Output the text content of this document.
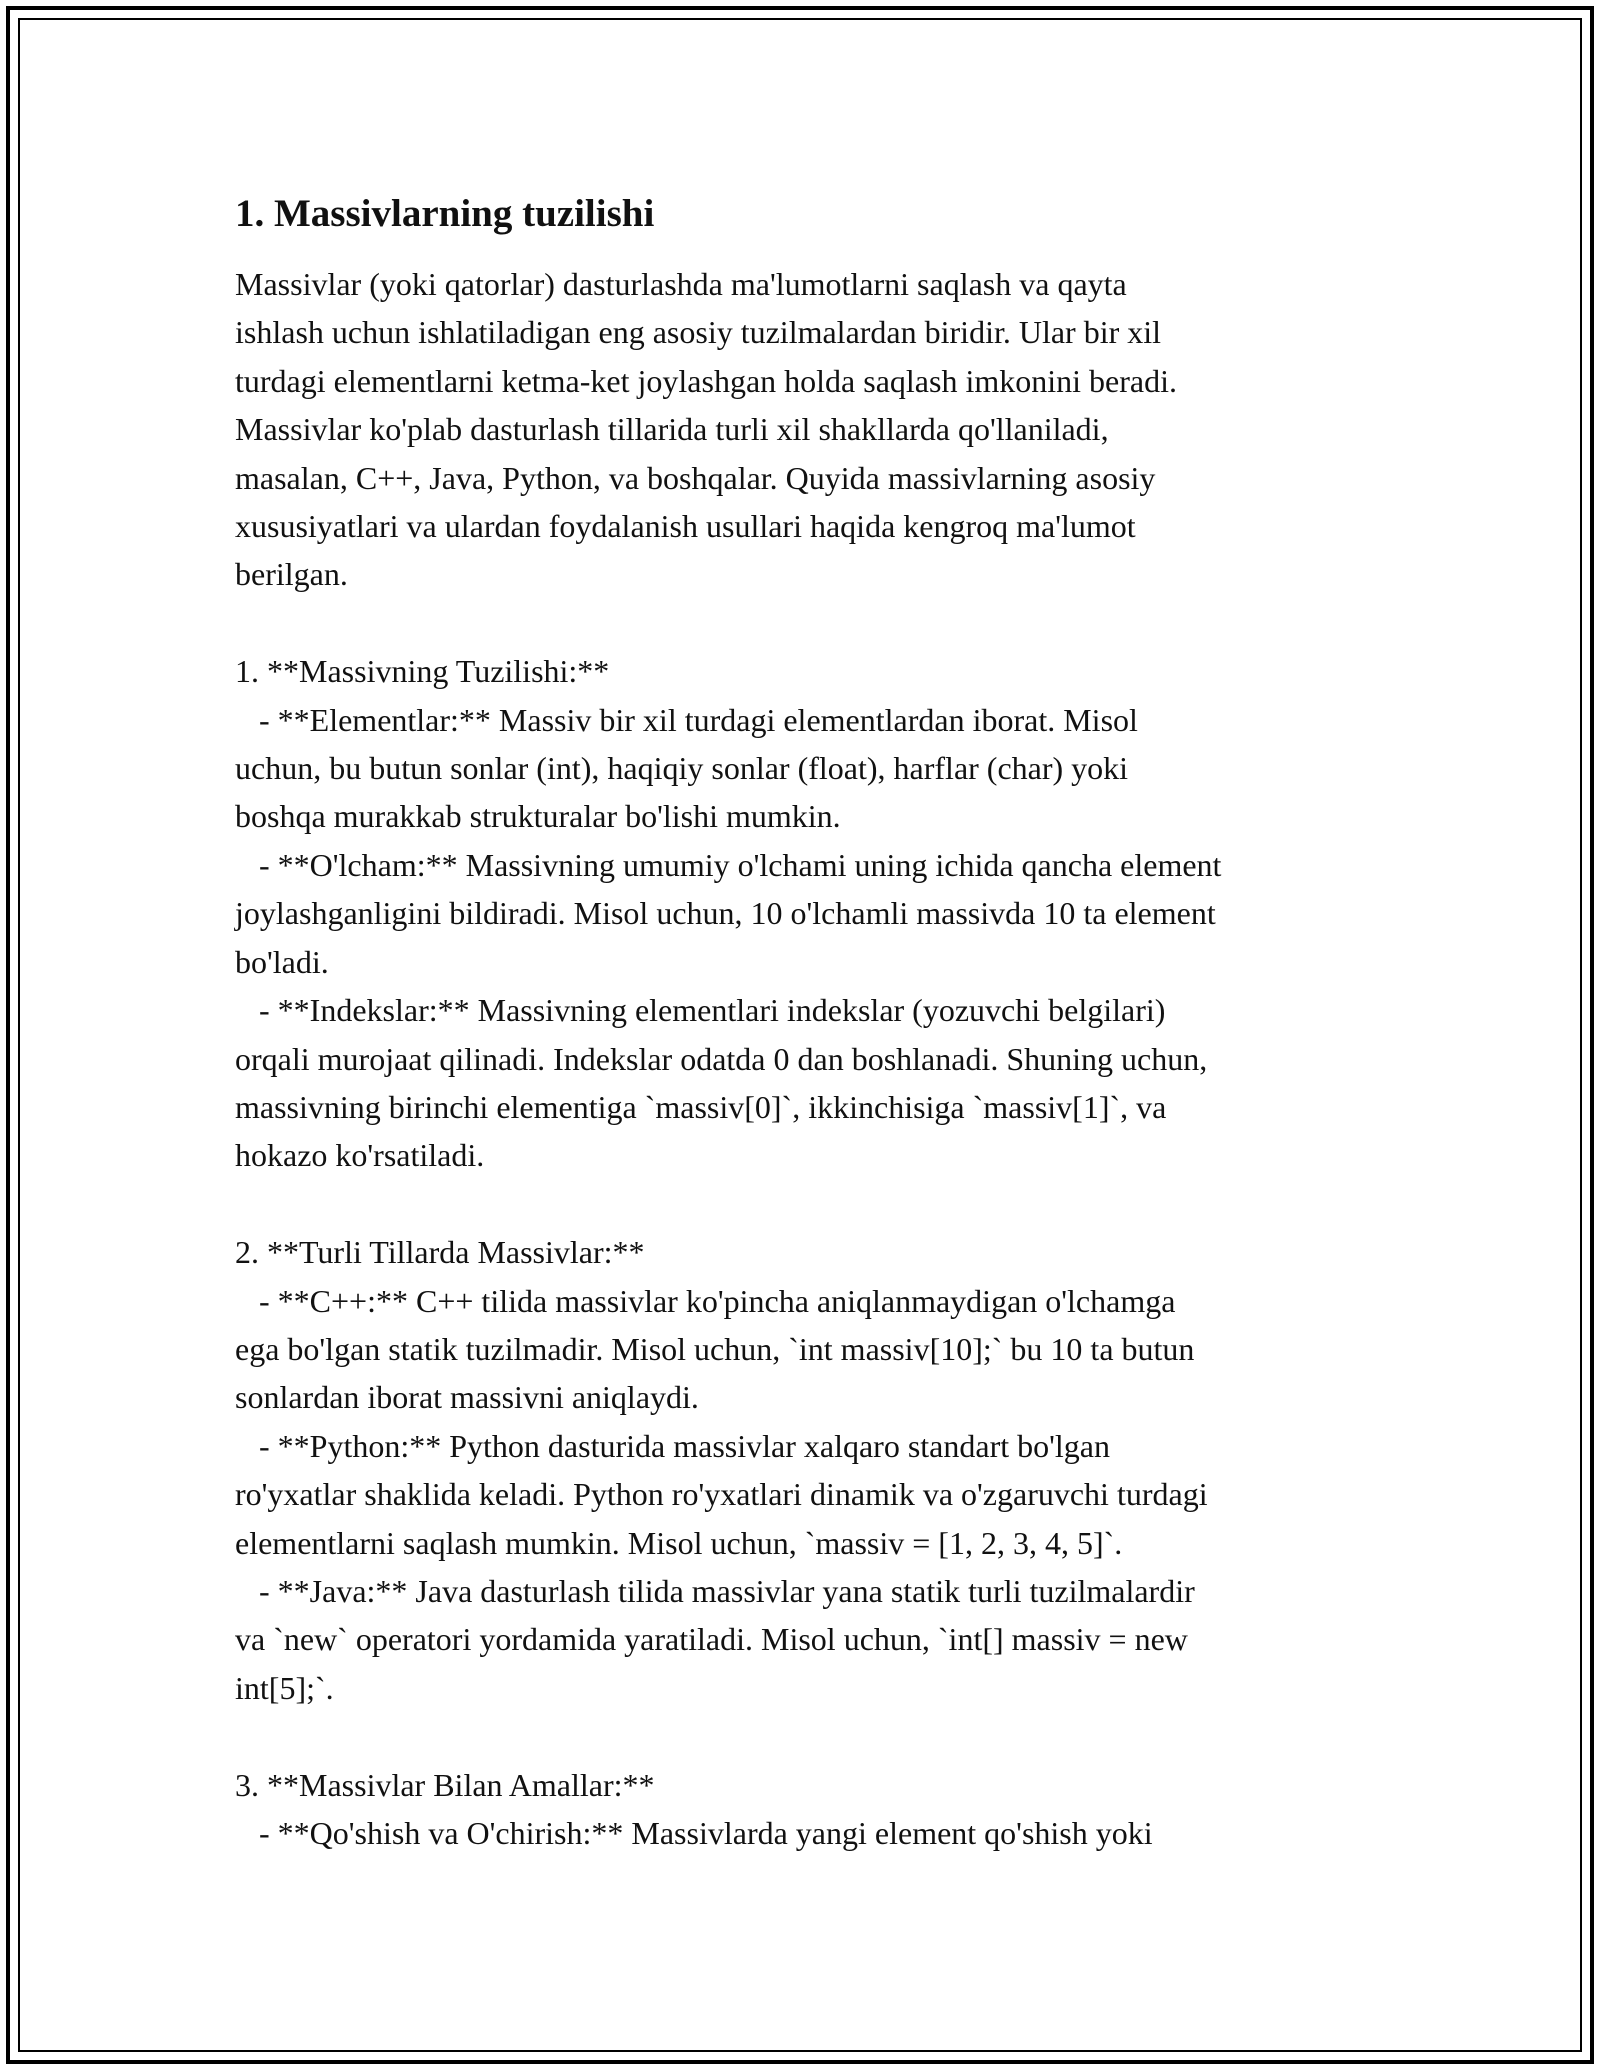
1. Massivlarning tuzilishi

Massivlar (yoki qatorlar) dasturlashda ma'lumotlarni saqlash va qayta
ishlash uchun ishlatiladigan eng asosiy tuzilmalardan biridir. Ular bir xil
turdagi elementlarni ketma-ket joylashgan holda saqlash imkonini beradi.
Massivlar ko'plab dasturlash tillarida turli xil shakllarda qo'llaniladi,
masalan, C++, Java, Python, va boshqalar. Quyida massivlarning asosiy
xususiyatlari va ulardan foydalanish usullari haqida kengroq ma'lumot
berilgan.

1. **Massivning Tuzilishi:**
- **Elementlar:** Massiv bir xil turdagi elementlardan iborat. Misol
uchun, bu butun sonlar (int), haqiqiy sonlar (float), harflar (char) yoki
boshqa murakkab strukturalar bo'lishi mumkin.
- **O'lcham:** Massivning umumiy o'lchami uning ichida qancha element
joylashganligini bildiradi. Misol uchun, 10 o'lchamli massivda 10 ta element
bo'ladi.
- **Indekslar:** Massivning elementlari indekslar (yozuvchi belgilari)
orqali murojaat qilinadi. Indekslar odatda 0 dan boshlanadi. Shuning uchun,
massivning birinchi elementiga `massiv[0]`, ikkinchisiga `massiv[1]`, va
hokazo ko'rsatiladi.

2. **Turli Tillarda Massivlar:**
- **C++:** C++ tilida massivlar ko'pincha aniqlanmaydigan o'lchamga
ega bo'lgan statik tuzilmadir. Misol uchun, `int massiv[10];` bu 10 ta butun
sonlardan iborat massivni aniqlaydi.
- **Python:** Python dasturida massivlar xalqaro standart bo'lgan
ro'yxatlar shaklida keladi. Python ro'yxatlari dinamik va o'zgaruvchi turdagi
elementlarni saqlash mumkin. Misol uchun, `massiv = [1, 2, 3, 4, 5]`.
- **Java:** Java dasturlash tilida massivlar yana statik turli tuzilmalardir
va `new` operatori yordamida yaratiladi. Misol uchun, `int[] massiv = new
int[5];`.

3. **Massivlar Bilan Amallar:**
- **Qo'shish va O'chirish:** Massivlarda yangi element qo'shish yoki
